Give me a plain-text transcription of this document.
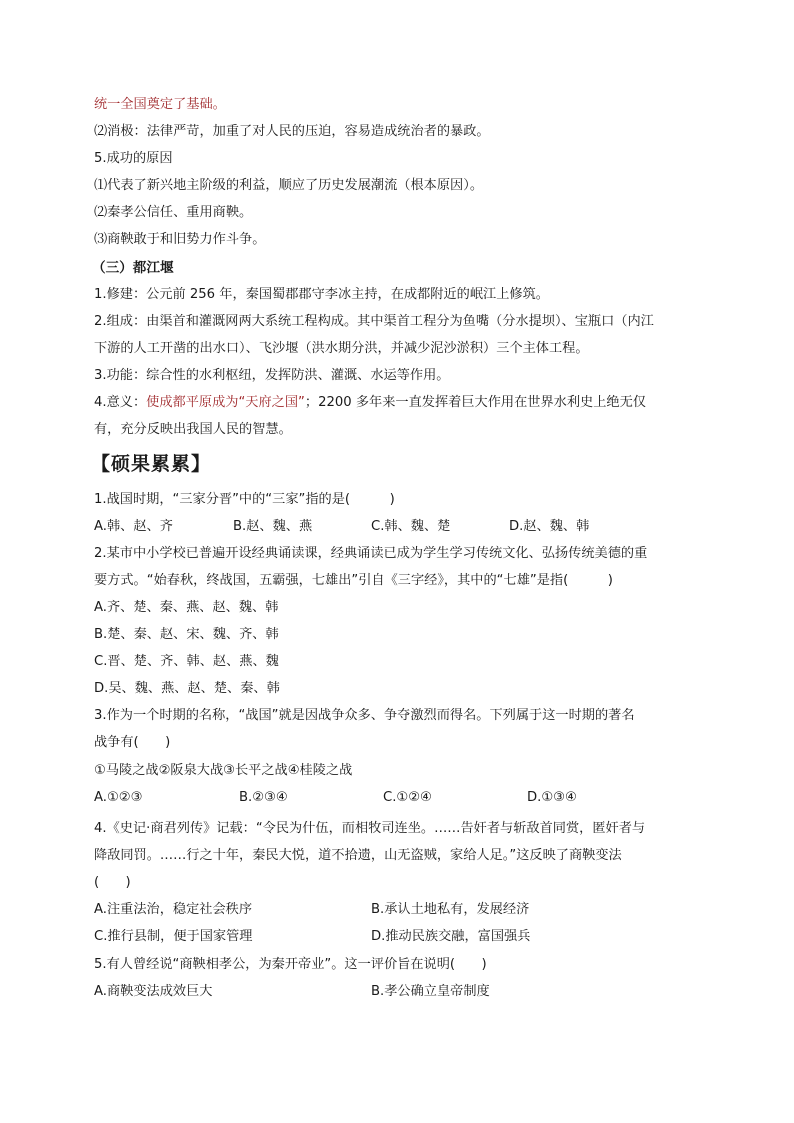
统一全国奠定了基础。
⑵消极：法律严苛，加重了对人民的压迫，容易造成统治者的暴政。
5.成功的原因
⑴代表了新兴地主阶级的利益，顺应了历史发展潮流（根本原因）。
⑵秦孝公信任、重用商鞅。
⑶商鞅敢于和旧势力作斗争。
（三）都江堰
1.修建：公元前 256 年，秦国蜀郡郡守李冰主持，在成都附近的岷江上修筑。
2.组成：由渠首和灌溉网两大系统工程构成。其中渠首工程分为鱼嘴（分水提坝）、宝瓶口（内江
下游的人工开凿的出水口）、飞沙堰（洪水期分洪，并减少泥沙淤积）三个主体工程。
3.功能：综合性的水利枢纽，发挥防洪、灌溉、水运等作用。
4.意义：使成都平原成为“天府之国”；2200 多年来一直发挥着巨大作用在世界水利史上绝无仅
有，充分反映出我国人民的智慧。
【硕果累累】
1.战国时期，“三家分晋”中的“三家”指的是(　　　)
A.韩、赵、齐	B.赵、魏、燕	C.韩、魏、楚	D.赵、魏、韩
2.某市中小学校已普遍开设经典诵读课，经典诵读已成为学生学习传统文化、弘扬传统美德的重
要方式。“始春秋，终战国，五霸强，七雄出”引自《三字经》，其中的“七雄”是指(　　　)
A.齐、楚、秦、燕、赵、魏、韩
B.楚、秦、赵、宋、魏、齐、韩
C.晋、楚、齐、韩、赵、燕、魏
D.吴、魏、燕、赵、楚、秦、韩
3.作为一个时期的名称，“战国”就是因战争众多、争夺激烈而得名。下列属于这一时期的著名
战争有(　　)
①马陵之战②阪泉大战③长平之战④桂陵之战
A.①②③	B.②③④	C.①②④	D.①③④
4.《史记·商君列传》记载：“令民为什伍，而相牧司连坐。……告奸者与斩敌首同赏，匿奸者与
降敌同罚。……行之十年，秦民大悦，道不拾遗，山无盗贼，家给人足。”这反映了商鞅变法
(　　)
A.注重法治，稳定社会秩序	B.承认土地私有，发展经济
C.推行县制，便于国家管理	D.推动民族交融，富国强兵
5.有人曾经说“商鞅相孝公，为秦开帝业”。这一评价旨在说明(　　)
A.商鞅变法成效巨大	B.孝公确立皇帝制度
